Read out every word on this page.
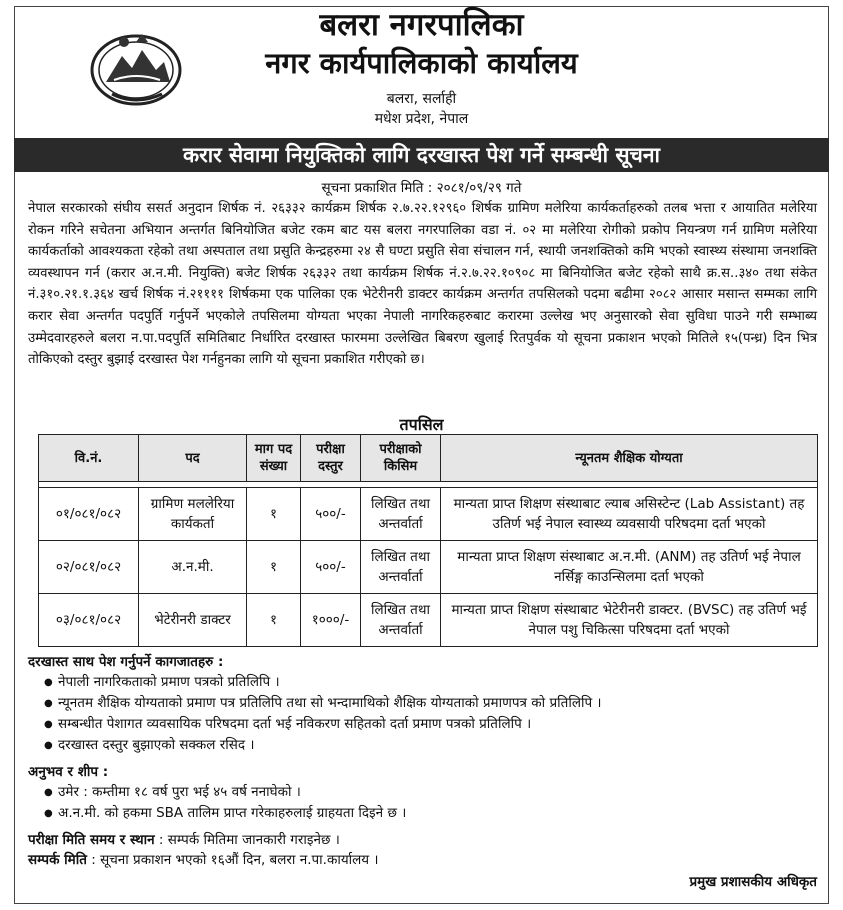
बलरा नगरपालिका
नगर कार्यपालिकाको कार्यालय
बलरा, सर्लाही
मधेश प्रदेश, नेपाल
करार सेवामा नियुक्तिको लागि दरखास्त पेश गर्ने सम्बन्धी सूचना
सूचना प्रकाशित मिति : २०८१/०९/२९ गते
नेपाल सरकारको संघीय ससर्त अनुदान शिर्षक नं. २६३३२ कार्यक्रम शिर्षक २.७.२२.१२९६० शिर्षक ग्रामिण मलेरिया कार्यकर्ताहरुको तलब भत्ता र आयातित मलेरिया रोकन गरिने सचेतना अभियान अन्तर्गत बिनियोजित बजेट रकम बाट यस बलरा नगरपालिका वडा नं. ०२ मा मलेरिया रोगीको प्रकोप नियन्त्रण गर्न ग्रामिण मलेरिया कार्यकर्ताको आवश्यकता रहेको तथा अस्पताल तथा प्रसुति केन्द्रहरुमा २४ सै घण्टा प्रसुति सेवा संचालन गर्न, स्थायी जनशक्तिको कमि भएको स्वास्थ्य संस्थामा जनशक्ति व्यवस्थापन गर्न (करार अ.न.मी. नियुक्ति) बजेट शिर्षक २६३३२ तथा कार्यक्रम शिर्षक नं.२.७.२२.१०९०८ मा बिनियोजित बजेट रहेको साथै क्र.स..३४० तथा संकेत नं.३१०.२१.१.३६४ खर्च शिर्षक नं.२११११ शिर्षकमा एक पालिका एक भेटेरीनरी डाक्टर कार्यक्रम अन्तर्गत तपसिलको पदमा बढीमा २०८२ आसार मसान्त सम्मका लागि करार सेवा अन्तर्गत पदपुर्ति गर्नुपर्ने भएकोले तपसिलमा योग्यता भएका नेपाली नागरिकहरुबाट करारमा उल्लेख भए अनुसारको सेवा सुविधा पाउने गरी सम्भाब्य उम्मेदवारहरुले बलरा न.पा.पदपुर्ति समितिबाट निर्धारित दरखास्त फारममा उल्लेखित बिबरण खुलाई रितपुर्वक यो सूचना प्रकाशन भएको मितिले १५(पन्ध्र) दिन भित्र तोकिएको दस्तुर बुझाई दरखास्त पेश गर्नहुनका लागि यो सूचना प्रकाशित गरीएको छ।
तपसिल
वि.नं.	पद	माग पद संख्या	परीक्षा दस्तुर	परीक्षाको किसिम	न्यूनतम शैक्षिक योग्यता

०१/०८१/०८२	ग्रामिण मललेरिया कार्यकर्ता	१	५००/-	लिखित तथा अन्तर्वार्ता	मान्यता प्राप्त शिक्षण संस्थाबाट ल्याब असिस्टेन्ट (Lab Assistant) तह उतिर्ण भई नेपाल स्वास्थ्य व्यवसायी परिषदमा दर्ता भएको
०२/०८१/०८२	अ.न.मी.	१	५००/-	लिखित तथा अन्तर्वार्ता	मान्यता प्राप्त शिक्षण संस्थाबाट अ.न.मी. (ANM) तह उतिर्ण भई नेपाल नर्सिङ्ग काउन्सिलमा दर्ता भएको
०३/०८१/०८२	भेटेरीनरी डाक्टर	१	१०००/-	लिखित तथा अन्तर्वार्ता	मान्यता प्राप्त शिक्षण संस्थाबाट भेटेरीनरी डाक्टर. (BVSC) तह उतिर्ण भई नेपाल पशु चिकित्सा परिषदमा दर्ता भएको
दरखास्त साथ पेश गर्नुपर्ने कागजातहरु :
● नेपाली नागरिकताको प्रमाण पत्रको प्रतिलिपि ।
● न्यूनतम शैक्षिक योग्यताको प्रमाण पत्र प्रतिलिपि तथा सो भन्दामाथिको शैक्षिक योग्यताको प्रमाणपत्र को प्रतिलिपि ।
● सम्बन्धीत पेशागत व्यवसायिक परिषदमा दर्ता भई नविकरण सहितको दर्ता प्रमाण पत्रको प्रतिलिपि ।
● दरखास्त दस्तुर बुझाएको सक्कल रसिद ।
अनुभव र शीप :
● उमेर : कम्तीमा १८ वर्ष पुरा भई ४५ वर्ष ननाघेको ।
● अ.न.मी. को हकमा SBA तालिम प्राप्त गरेकाहरुलाई ग्राहयता दिइने छ ।
परीक्षा मिति समय र स्थान : सम्पर्क मितिमा जानकारी गराइनेछ ।
सम्पर्क मिति : सूचना प्रकाशन भएको १६औं दिन, बलरा न.पा.कार्यालय ।
प्रमुख प्रशासकीय अधिकृत
